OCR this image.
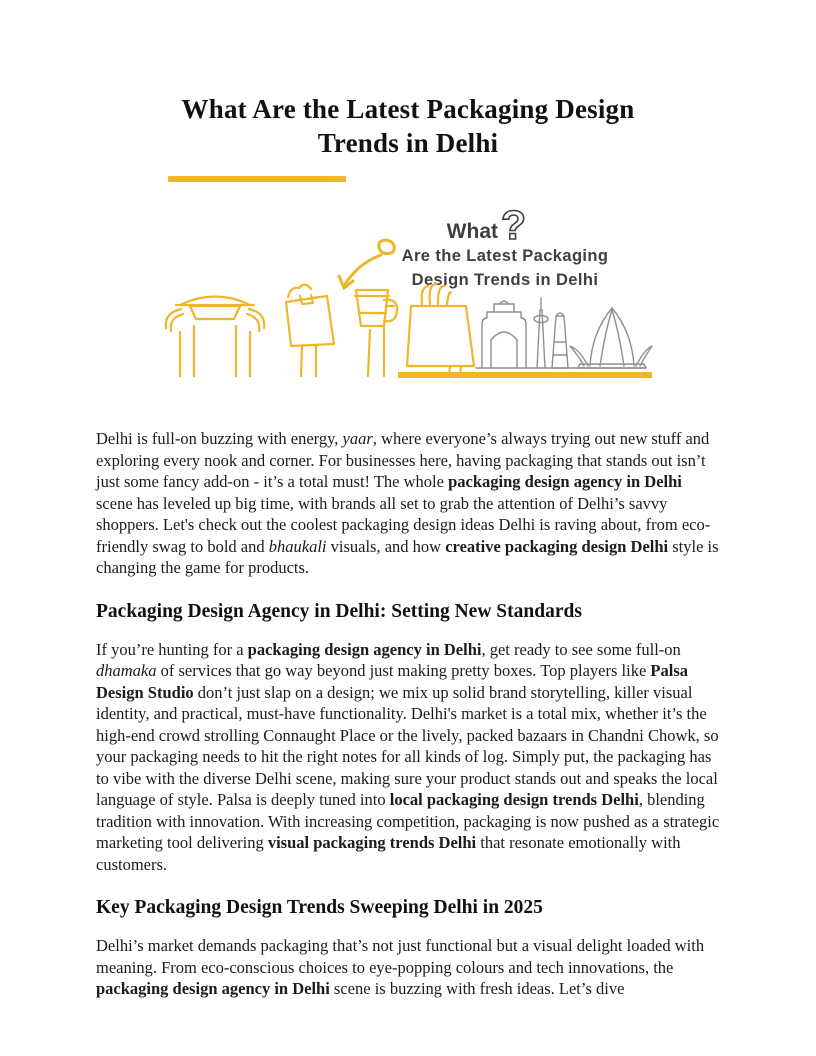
What Are the Latest Packaging Design
Trends in Delhi
What ?
Are the Latest Packaging
Design Trends in Delhi

Delhi is full-on buzzing with energy, yaar, where everyone’s always trying out new stuff and exploring every nook and corner. For businesses here, having packaging that stands out isn’t just some fancy add-on - it’s a total must! The whole packaging design agency in Delhi scene has leveled up big time, with brands all set to grab the attention of Delhi’s savvy shoppers. Let's check out the coolest packaging design ideas Delhi is raving about, from eco-friendly swag to bold and bhaukali visuals, and how creative packaging design Delhi style is changing the game for products.

Packaging Design Agency in Delhi: Setting New Standards

If you’re hunting for a packaging design agency in Delhi, get ready to see some full-on dhamaka of services that go way beyond just making pretty boxes. Top players like Palsa Design Studio don’t just slap on a design; we mix up solid brand storytelling, killer visual identity, and practical, must-have functionality. Delhi's market is a total mix, whether it’s the high-end crowd strolling Connaught Place or the lively, packed bazaars in Chandni Chowk, so your packaging needs to hit the right notes for all kinds of log. Simply put, the packaging has to vibe with the diverse Delhi scene, making sure your product stands out and speaks the local language of style. Palsa is deeply tuned into local packaging design trends Delhi, blending tradition with innovation. With increasing competition, packaging is now pushed as a strategic marketing tool delivering visual packaging trends Delhi that resonate emotionally with customers.

Key Packaging Design Trends Sweeping Delhi in 2025

Delhi’s market demands packaging that’s not just functional but a visual delight loaded with meaning. From eco-conscious choices to eye-popping colours and tech innovations, the packaging design agency in Delhi scene is buzzing with fresh ideas. Let’s dive
